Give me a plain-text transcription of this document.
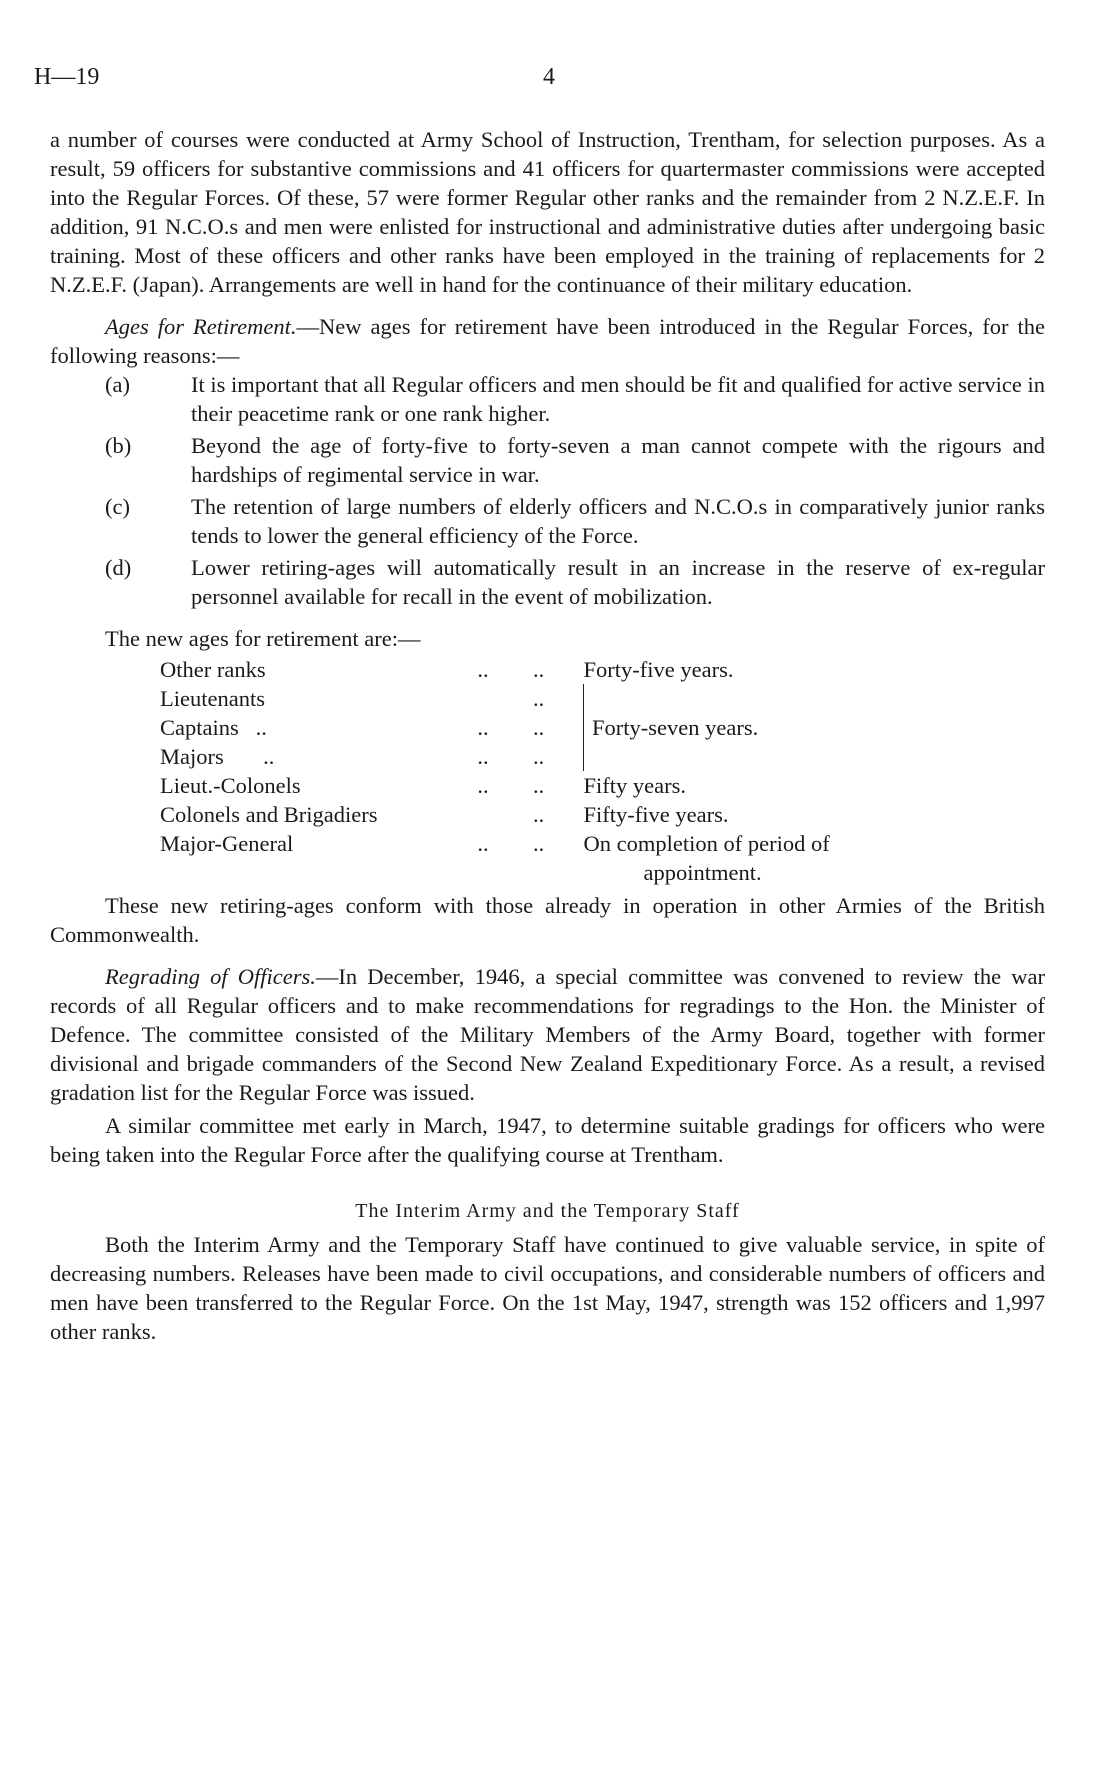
H—19	4

a number of courses were conducted at Army School of Instruction, Trentham, for selection purposes. As a result, 59 officers for substantive commissions and 41 officers for quartermaster commissions were accepted into the Regular Forces. Of these, 57 were former Regular other ranks and the remainder from 2 N.Z.E.F. In addition, 91 N.C.O.s and men were enlisted for instructional and administrative duties after undergoing basic training. Most of these officers and other ranks have been employed in the training of replacements for 2 N.Z.E.F. (Japan). Arrangements are well in hand for the continuance of their military education.

Ages for Retirement.—New ages for retirement have been introduced in the Regular Forces, for the following reasons:—

(a)	It is important that all Regular officers and men should be fit and qualified for active service in their peacetime rank or one rank higher.
(b)	Beyond the age of forty-five to forty-seven a man cannot compete with the rigours and hardships of regimental service in war.
(c)	The retention of large numbers of elderly officers and N.C.O.s in comparatively junior ranks tends to lower the general efficiency of the Force.
(d)	Lower retiring-ages will automatically result in an increase in the reserve of ex-regular personnel available for recall in the event of mobilization.

The new ages for retirement are:—

Other ranks	..	..	Forty-five years.
Lieutenants		..	Forty-seven years.
Captains ..	..	..	
Majors ..	..	..	
Lieut.-Colonels	..	..	Fifty years.
Colonels and Brigadiers		..	Fifty-five years.
Major-General	..	..	On completion of period of
appointment.

These new retiring-ages conform with those already in operation in other Armies of the British Commonwealth.

Regrading of Officers.—In December, 1946, a special committee was convened to review the war records of all Regular officers and to make recommendations for regradings to the Hon. the Minister of Defence. The committee consisted of the Military Members of the Army Board, together with former divisional and brigade commanders of the Second New Zealand Expeditionary Force. As a result, a revised gradation list for the Regular Force was issued.

A similar committee met early in March, 1947, to determine suitable gradings for officers who were being taken into the Regular Force after the qualifying course at Trentham.

The Interim Army and the Temporary Staff

Both the Interim Army and the Temporary Staff have continued to give valuable service, in spite of decreasing numbers. Releases have been made to civil occupations, and considerable numbers of officers and men have been transferred to the Regular Force. On the 1st May, 1947, strength was 152 officers and 1,997 other ranks.
